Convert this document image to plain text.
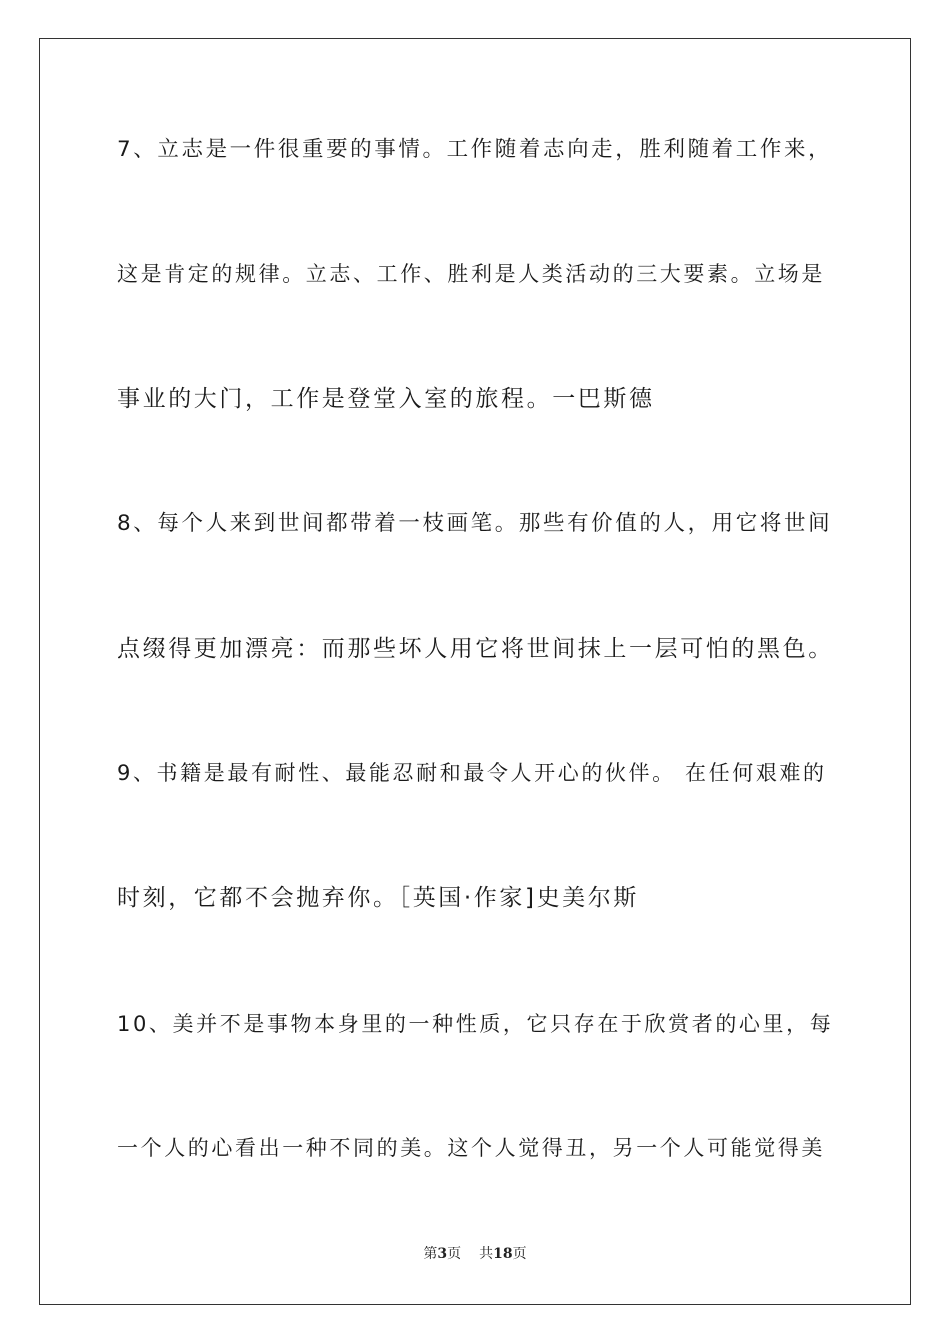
7、立志是一件很重要的事情。工作随着志向走，胜利随着工作来，
这是肯定的规律。立志、工作、胜利是人类活动的三大要素。立场是
事业的大门，工作是登堂入室的旅程。一巴斯德
8、每个人来到世间都带着一枝画笔。那些有价值的人，用它将世间
点缀得更加漂亮：而那些坏人用它将世间抹上一层可怕的黑色。
9、书籍是最有耐性、最能忍耐和最令人开心的伙伴。 在任何艰难的
时刻，它都不会抛弃你。［英国·作家]史美尔斯
10、美并不是事物本身里的一种性质，它只存在于欣赏者的心里，每
一个人的心看出一种不同的美。这个人觉得丑，另一个人可能觉得美
第3页 共18页
